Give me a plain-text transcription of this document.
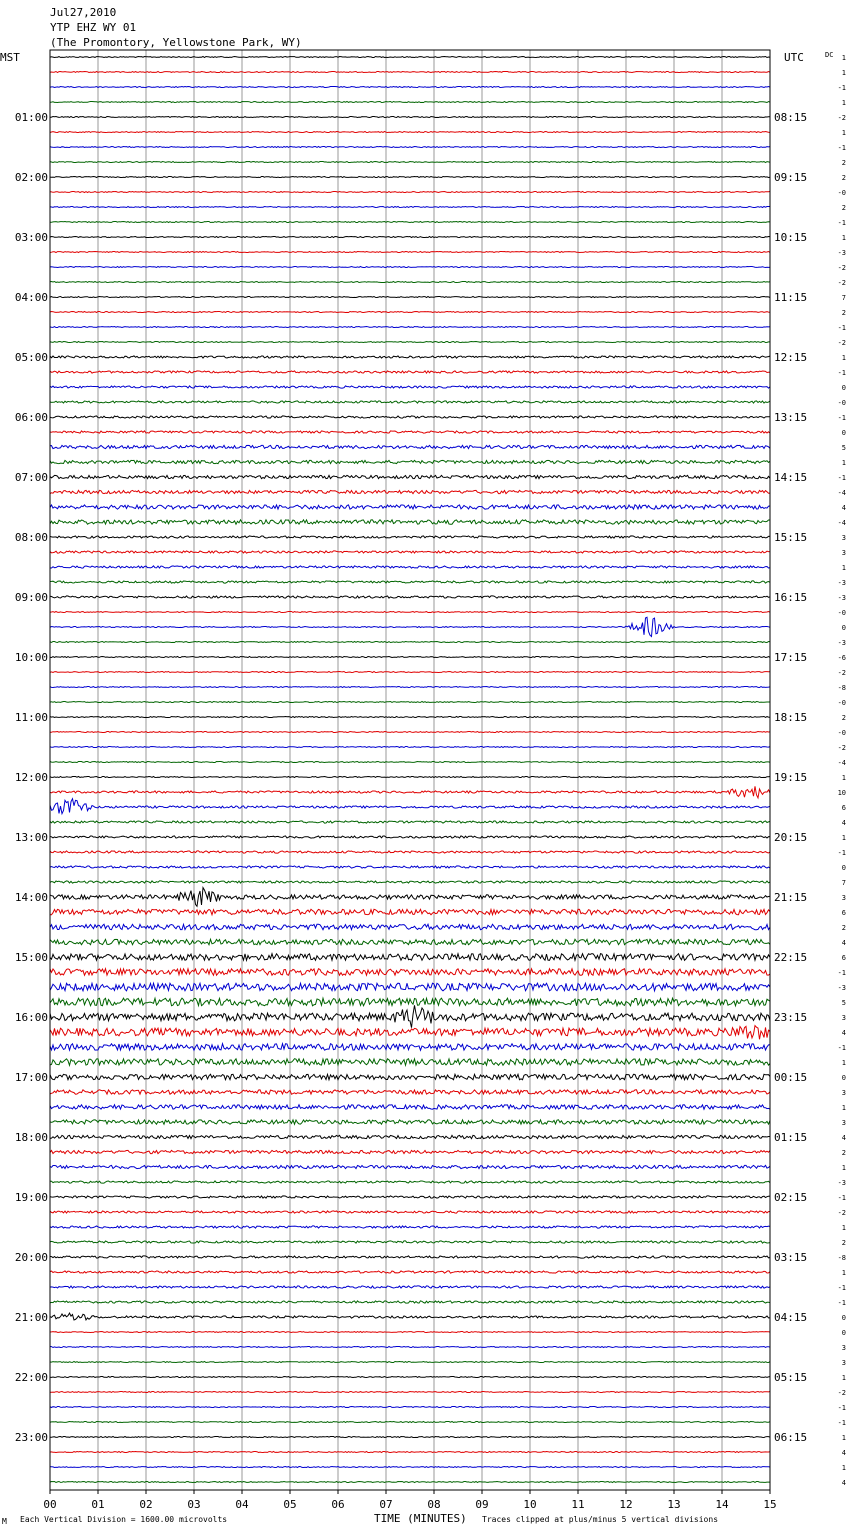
Jul27,2010
YTP EHZ WY 01
(The Promontory, Yellowstone Park, WY)
MST	UTC	DC
00	01	02	03	04	05	06	07	08	09	10	11	12	13	14	15
1
1
-1
1
-2
1
-1
2
2
-0
2
-1
1
-3
-2
-2
7
2
-1
-2
1
-1
0
-0
-1
0
5
1
-1
-4
4
-4
3
3
1
-3
-3
-0
0
-3
-6
-2
-8
-0
2
-0
-2
-4
1
10
6
4
1
-1
0
7
3
6
2
4
6
-1
-3
5
3
4
-1
1
0
3
1
3
4
2
1
-3
-1
-2
1
2
-8
1
-1
-1
0
0
3
3
1
-2
-1
-1
1
4
1
4
01:00	08:15
02:00	09:15
03:00	10:15
04:00	11:15
05:00	12:15
06:00	13:15
07:00	14:15
08:00	15:15
09:00	16:15
10:00	17:15
11:00	18:15
12:00	19:15
13:00	20:15
14:00	21:15
15:00	22:15
16:00	23:15
17:00	00:15
18:00	01:15
19:00	02:15
20:00	03:15
21:00	04:15
22:00	05:15
23:00	06:15
M Each Vertical Division = 1600.00 microvolts	TIME (MINUTES) Traces clipped at plus/minus 5 vertical divisions
